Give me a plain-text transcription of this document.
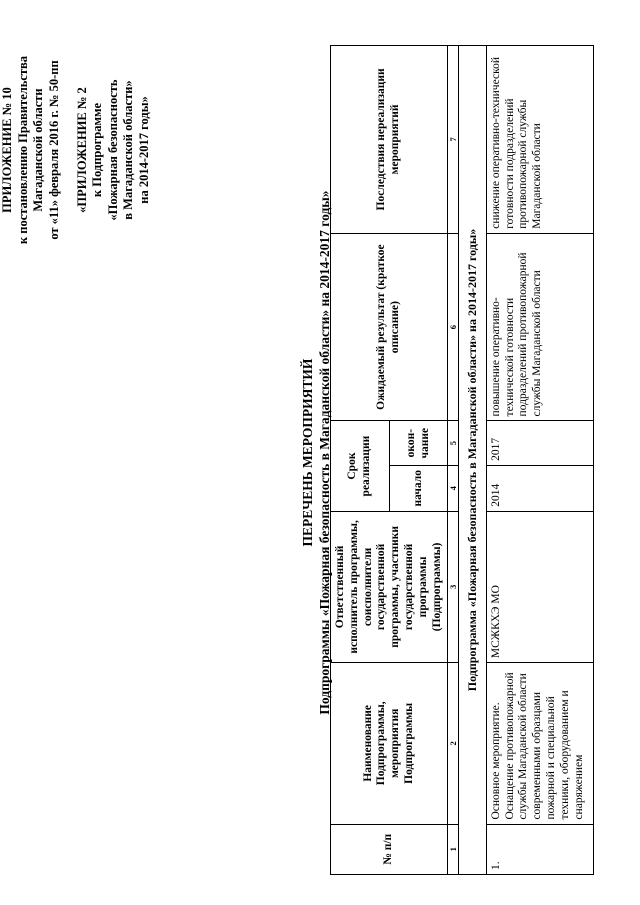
ПРИЛОЖЕНИЕ № 10 к постановлению Правительства Магаданской области от «11» февраля 2016 г. № 50-пп «ПРИЛОЖЕНИЕ № 2 к Подпрограмме «Пожарная безопасность в Магаданской области» на 2014-2017 годы»
ПЕРЕЧЕНЬ МЕРОПРИЯТИЙ Подпрограммы «Пожарная безопасность в Магаданской области» на 2014-2017 годы»
№ п/п	Наименование Подпрограммы, мероприятия Подпрограммы	Ответственный исполнитель программы, соисполнители государственной программы, участники государственной программы (Подпрограммы)	Срок реализации		Ожидаемый результат (краткое описание)	Последствия нереализации мероприятий
			начало	окон-чание		
1	2	3	4	5	6	7
Подпрограмма «Пожарная безопасность в Магаданской области» на 2014-2017 годы»						
1.	Основное мероприятие. Оснащение противопожарной службы Магаданской области современными образцами пожарной и специальной техники, оборудованием и снаряжением	МСЖКХЭ МО	2014	2017	повышение оперативно-технической готовности подразделений противопожарной службы Магаданской области	снижение оперативно-технической готовности подразделений противопожарной службы Магаданской области
